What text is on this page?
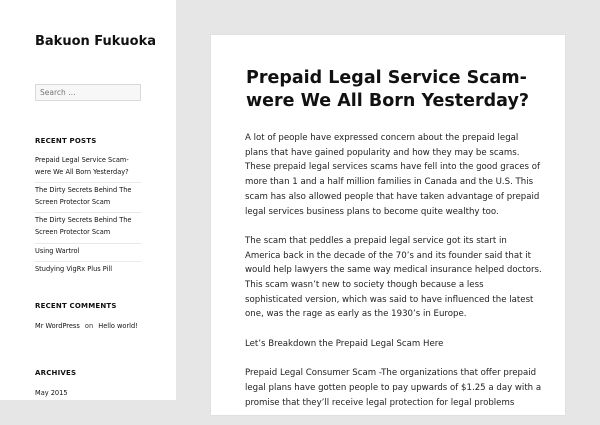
Bakuon Fukuoka
Search …
RECENT POSTS
Prepaid Legal Service Scam- were We All Born Yesterday?
The Dirty Secrets Behind The Screen Protector Scam
The Dirty Secrets Behind The Screen Protector Scam
Using Wartrol
Studying VigRx Plus Pill
RECENT COMMENTS
Mr WordPress on Hello world!
ARCHIVES
May 2015
Prepaid Legal Service Scam- were We All Born Yesterday?

A lot of people have expressed concern about the prepaid legal plans that have gained popularity and how they may be scams. These prepaid legal services scams have fell into the good graces of more than 1 and a half million families in Canada and the U.S. This scam has also allowed people that have taken advantage of prepaid legal services business plans to become quite wealthy too.

The scam that peddles a prepaid legal service got its start in America back in the decade of the 70’s and its founder said that it would help lawyers the same way medical insurance helped doctors. This scam wasn’t new to society though because a less sophisticated version, which was said to have influenced the latest one, was the rage as early as the 1930’s in Europe.

Let’s Breakdown the Prepaid Legal Scam Here

Prepaid Legal Consumer Scam -The organizations that offer prepaid legal plans have gotten people to pay upwards of $1.25 a day with a promise that they’ll receive legal protection for legal problems
